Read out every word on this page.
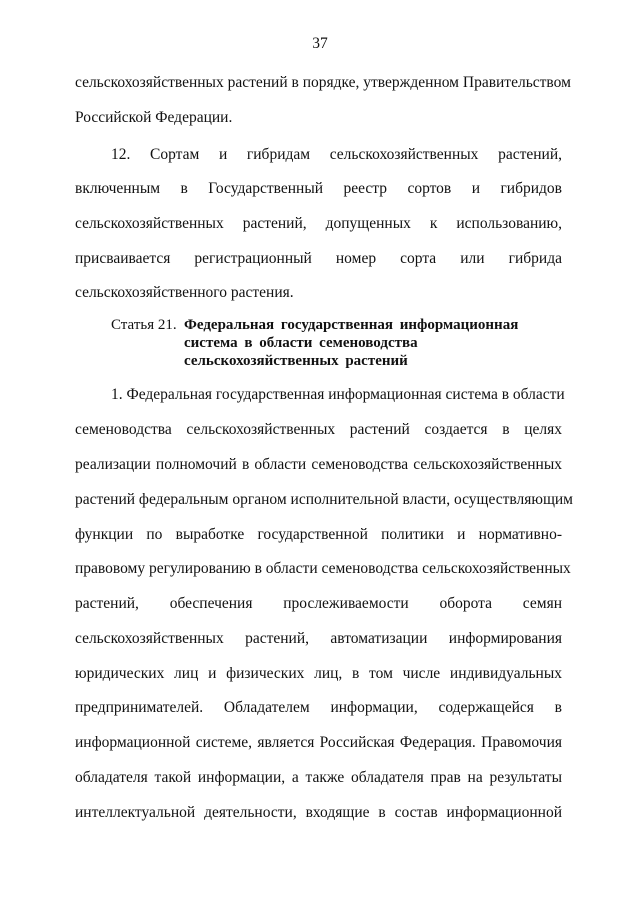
37
сельскохозяйственных растений в порядке, утвержденном Правительством
Российской Федерации.
12. Сортам и гибридам сельскохозяйственных растений,
включенным в Государственный реестр сортов и гибридов
сельскохозяйственных растений, допущенных к использованию,
присваивается регистрационный номер сорта или гибрида
сельскохозяйственного растения.
Статья 21. Федеральная государственная информационная
система в области семеноводства
сельскохозяйственных растений
1. Федеральная государственная информационная система в области
семеноводства сельскохозяйственных растений создается в целях
реализации полномочий в области семеноводства сельскохозяйственных
растений федеральным органом исполнительной власти, осуществляющим
функции по выработке государственной политики и нормативно-
правовому регулированию в области семеноводства сельскохозяйственных
растений, обеспечения прослеживаемости оборота семян
сельскохозяйственных растений, автоматизации информирования
юридических лиц и физических лиц, в том числе индивидуальных
предпринимателей. Обладателем информации, содержащейся в
информационной системе, является Российская Федерация. Правомочия
обладателя такой информации, а также обладателя прав на результаты
интеллектуальной деятельности, входящие в состав информационной
